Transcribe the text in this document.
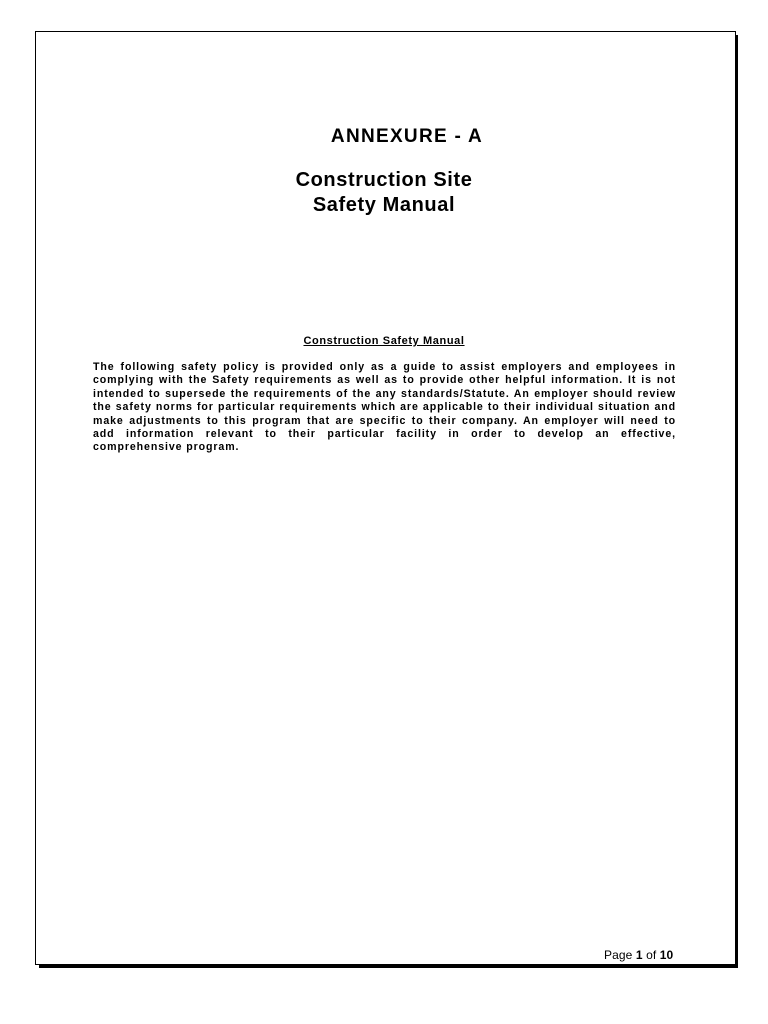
ANNEXURE - A
Construction Site
Safety Manual
Construction Safety Manual

The following safety policy is provided only as a guide to assist employers and employees in complying with the Safety requirements as well as to provide other helpful information. It is not intended to supersede the requirements of the any standards/Statute. An employer should review the safety norms for particular requirements which are applicable to their individual situation and make adjustments to this program that are specific to their company. An employer will need to add information relevant to their particular facility in order to develop an effective, comprehensive program.

Page 1 of 10
